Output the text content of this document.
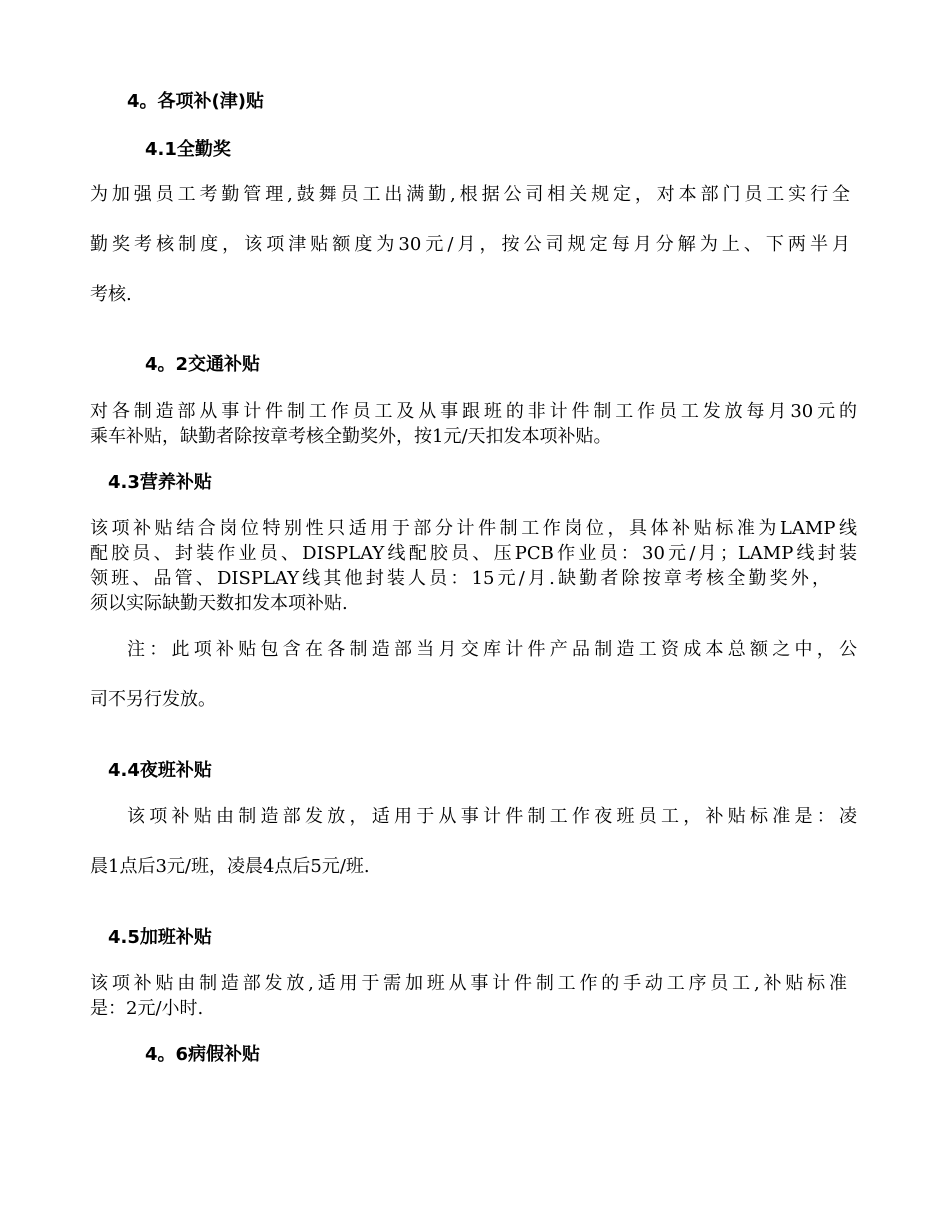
4。各项补(津)贴
4.1全勤奖
为加强员工考勤管理,鼓舞员工出满勤,根据公司相关规定，对本部门员工实行全
勤奖考核制度，该项津贴额度为30元/月，按公司规定每月分解为上、下两半月
考核.
4。2交通补贴
对各制造部从事计件制工作员工及从事跟班的非计件制工作员工发放每月30元的
乘车补贴，缺勤者除按章考核全勤奖外，按1元/天扣发本项补贴。
4.3营养补贴
该项补贴结合岗位特别性只适用于部分计件制工作岗位，具体补贴标准为LAMP线
配胶员、封装作业员、DISPLAY线配胶员、压PCB作业员：30元/月；LAMP线封装
领班、品管、DISPLAY线其他封装人员：15元/月.缺勤者除按章考核全勤奖外，
须以实际缺勤天数扣发本项补贴.
注：此项补贴包含在各制造部当月交库计件产品制造工资成本总额之中，公
司不另行发放。
4.4夜班补贴
该项补贴由制造部发放，适用于从事计件制工作夜班员工，补贴标准是：凌
晨1点后3元/班，凌晨4点后5元/班.
4.5加班补贴
该项补贴由制造部发放,适用于需加班从事计件制工作的手动工序员工,补贴标准
是：2元/小时.
4。6病假补贴
